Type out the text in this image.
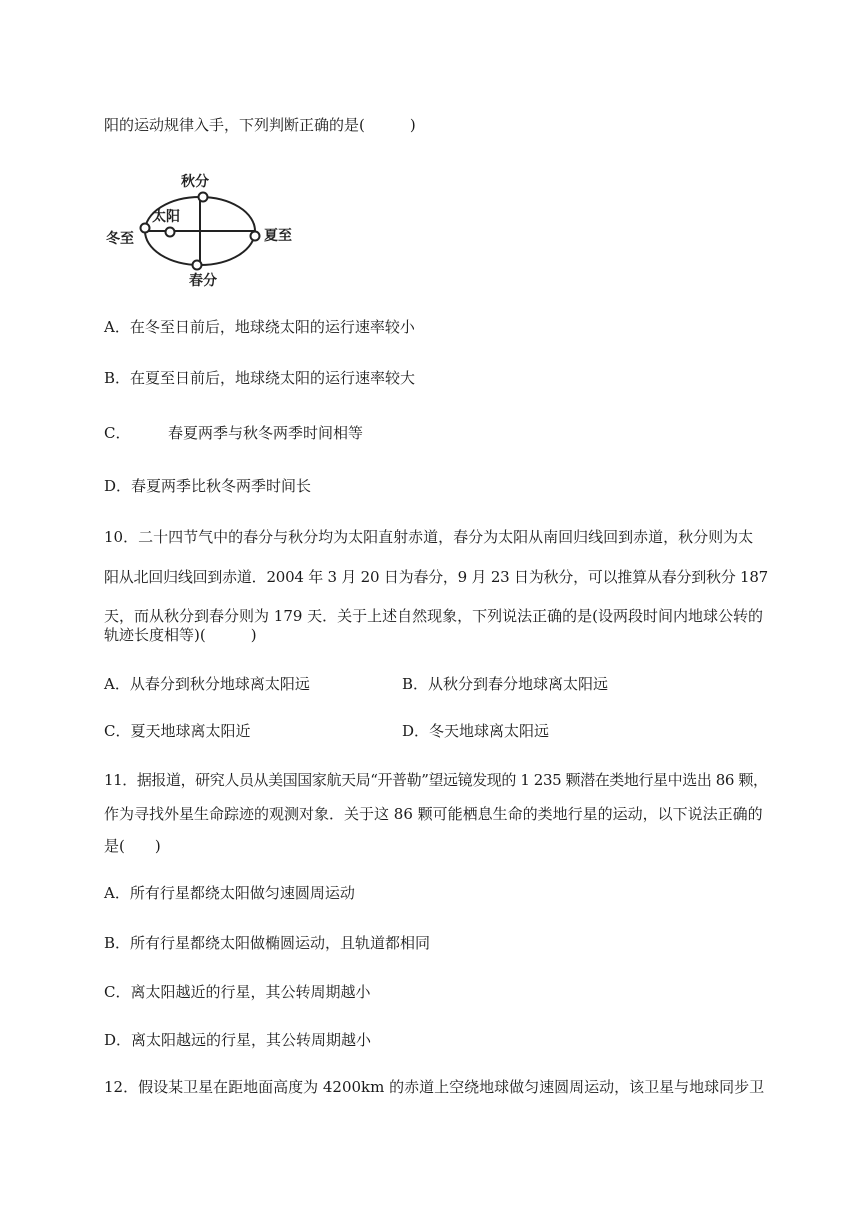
阳的运动规律入手，下列判断正确的是(　　　)
秋分
太阳
冬至	夏至
春分
A．在冬至日前后，地球绕太阳的运行速率较小
B．在夏至日前后，地球绕太阳的运行速率较大
C．　　　春夏两季与秋冬两季时间相等
D．春夏两季比秋冬两季时间长
10．二十四节气中的春分与秋分均为太阳直射赤道，春分为太阳从南回归线回到赤道，秋分则为太
阳从北回归线回到赤道．2004 年 3 月 20 日为春分，9 月 23 日为秋分，可以推算从春分到秋分 187
天，而从秋分到春分则为 179 天．关于上述自然现象，下列说法正确的是(设两段时间内地球公转的
轨迹长度相等)(　　　)
A．从春分到秋分地球离太阳远	B．从秋分到春分地球离太阳远
C．夏天地球离太阳近	D．冬天地球离太阳远
11．据报道，研究人员从美国国家航天局“开普勒”望远镜发现的 1 235 颗潜在类地行星中选出 86 颗，
作为寻找外星生命踪迹的观测对象．关于这 86 颗可能栖息生命的类地行星的运动，以下说法正确的
是(　　)
A．所有行星都绕太阳做匀速圆周运动
B．所有行星都绕太阳做椭圆运动，且轨道都相同
C．离太阳越近的行星，其公转周期越小
D．离太阳越远的行星，其公转周期越小
12．假设某卫星在距地面高度为 4200km 的赤道上空绕地球做匀速圆周运动，该卫星与地球同步卫
